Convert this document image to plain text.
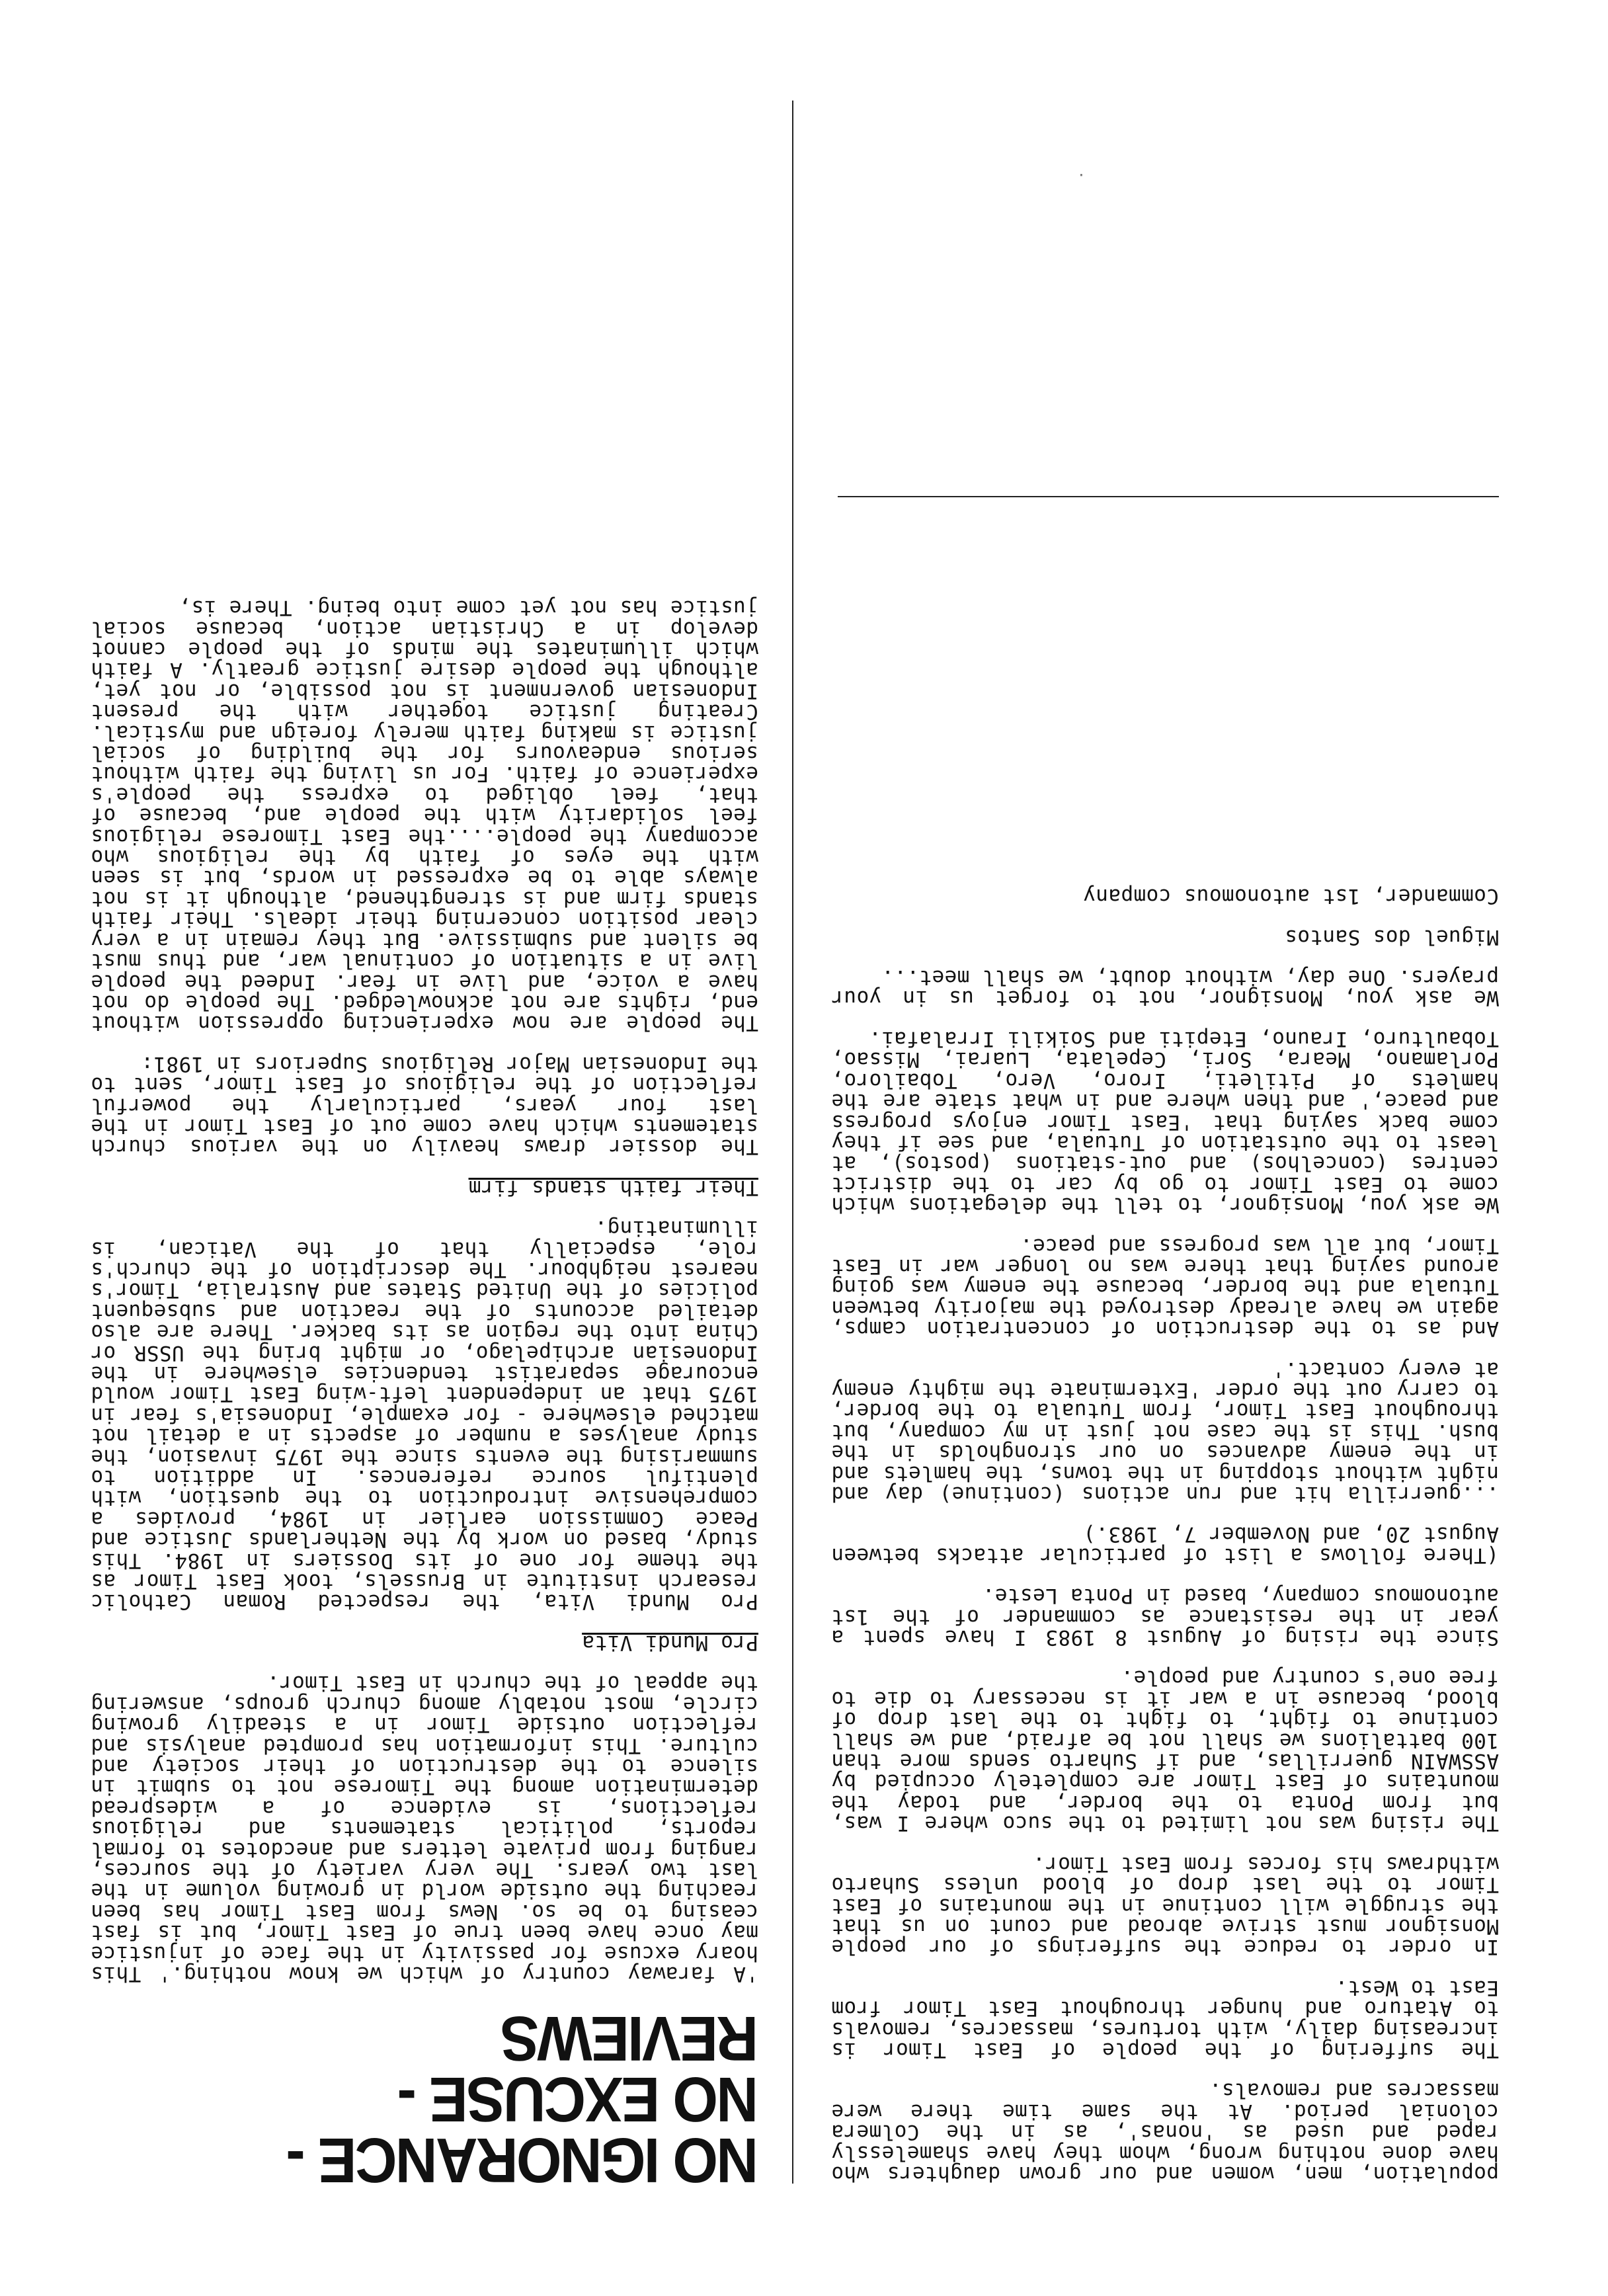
NO IGNORANCE -
NO EXCUSE -
REVIEWS

'A faraway country of which we know nothing.' This hoary excuse for passivity in the face of injustice may once have been true of East Timor, but is fast ceasing to be so. News from East Timor has been reaching the outside world in growing volume in the last two years. The very variety of the sources, ranging from private letters and anecdotes to formal reports, political statements and religious reflections, is evidence of a widespread determination among the Timorese not to submit in silence to the destruction of their society and culture. This information has prompted analysis and reflection outside Timor in a steadily growing circle, most notably among church groups, answering the appeal of the church in East Timor.

Pro Mundi Vita

Pro Mundi Vita, the respected Roman Catholic research institute in Brussels, took East Timor as the theme for one of its Dossiers in 1984. This study, based on work by the Netherlands Justice and Peace Commission earlier in 1984, provides a comprehensive introduction to the question, with plentiful source references. In addition to summarising the events since the 1975 invasion, the study analyses a number of aspects in a detail not matched elsewhere - for example, Indonesia's fear in 1975 that an independent left-wing East Timor would encourage separatist tendencies elsewhere in the Indonesian archipelago, or might bring the USSR or China into the region as its backer. There are also detailed accounts of the reaction and subsequent policies of the United States and Australia, Timor's nearest neighbour. The description of the church's role, especially that of the Vatican, is illuminating.

Their faith stands firm

The dossier draws heavily on the various church statements which have come out of East Timor in the last four years, particularly the powerful reflection of the religious of East Timor, sent to the Indonesian Major Religious Superiors in 1981:

The people are now experiencing oppression without end, rights are not acknowledged. The people do not have a voice, and live in fear. Indeed the people live in a situation of continual war, and thus must be silent and submissive. But they remain in a very clear position concerning their ideals. Their faith stands firm and is strengthened, although it is not always able to be expressed in words, but is seen with the eyes of faith by the religious who accompany the people....the East Timorese religious feel solidarity with the people and, because of that, feel obliged to express the people's experience of faith. For us living the faith without serious endeavours for the building of social justice is making faith merely foreign and mystical. Creating justice together with the present Indonesian government is not possible, or not yet, although the people desire justice greatly. A faith which illuminates the minds of the people cannot develop in a Christian action, because social justice has not yet come into being. There is,

population, men, women and our grown daughters who have done nothing wrong, whom they have shamelessly raped and used as 'nonas', as in the Colmera colonial period. At the same time there were massacres and removals.

The suffering of the people of East Timor is increasing daily, with tortures, massacres, removals to Ataturo and hunger throughout East Timor from East to West.

In order to reduce the sufferings of our people Monsignor must strive abroad and count on us that the struggle will continue in the mountains of East Timor to the last drop of blood unless Suharto withdraws his forces from East Timor.

The rising was not limited to the suco where I was, but from Ponta to the border, and today the mountains of East Timor are completely occupied by ASSWAIN guerrillas, and if Suharto sends more than 100 battalions we shall not be afraid, and we shall continue to fight, to fight to the last drop of blood, because in a war it is necessary to die to free one's country and people.

Since the rising of August 8 1983 I have spent a year in the resistance as commander of the 1st autonomous company, based in Ponta Leste.

(There follows a list of particular attacks between August 20, and November 7, 1983.)

...guerrilla hit and run actions (continue) day and night without stopping in the towns, the hamlets and in the enemy advances on our strongholds in the bush. This is the case not just in my company, but throughout East Timor, from Tutuala to the border, to carry out the order 'Exterminate the mighty enemy at every contact.'

And as to the destruction of concentration camps, again we have already destroyed the majority between Tutuala and the border, because the enemy was going around saying that there was no longer war in East Timor, but all was progress and peace.

We ask you, Monsignor, to tell the delegations which come to East Timor to go by car to the district centres (concelhos) and out-stations (postos), at least to the outstation of Tutuala, and see if they come back saying that 'East Timor enjoys progress and peace,' and then where and in what state are the hamlets of Pitileti, Iroro, Vero, Tobailoro, Porlamano, Meara, Sori, Cepelata, Luarai, Missao, Tobaulturo, Irauno, Etepiti and Soikili Irralafai.

We ask you, Monsignor, not to forget us in your prayers. One day, without doubt, we shall meet...

Miguel dos Santos

Commander, 1st autonomous company

.
